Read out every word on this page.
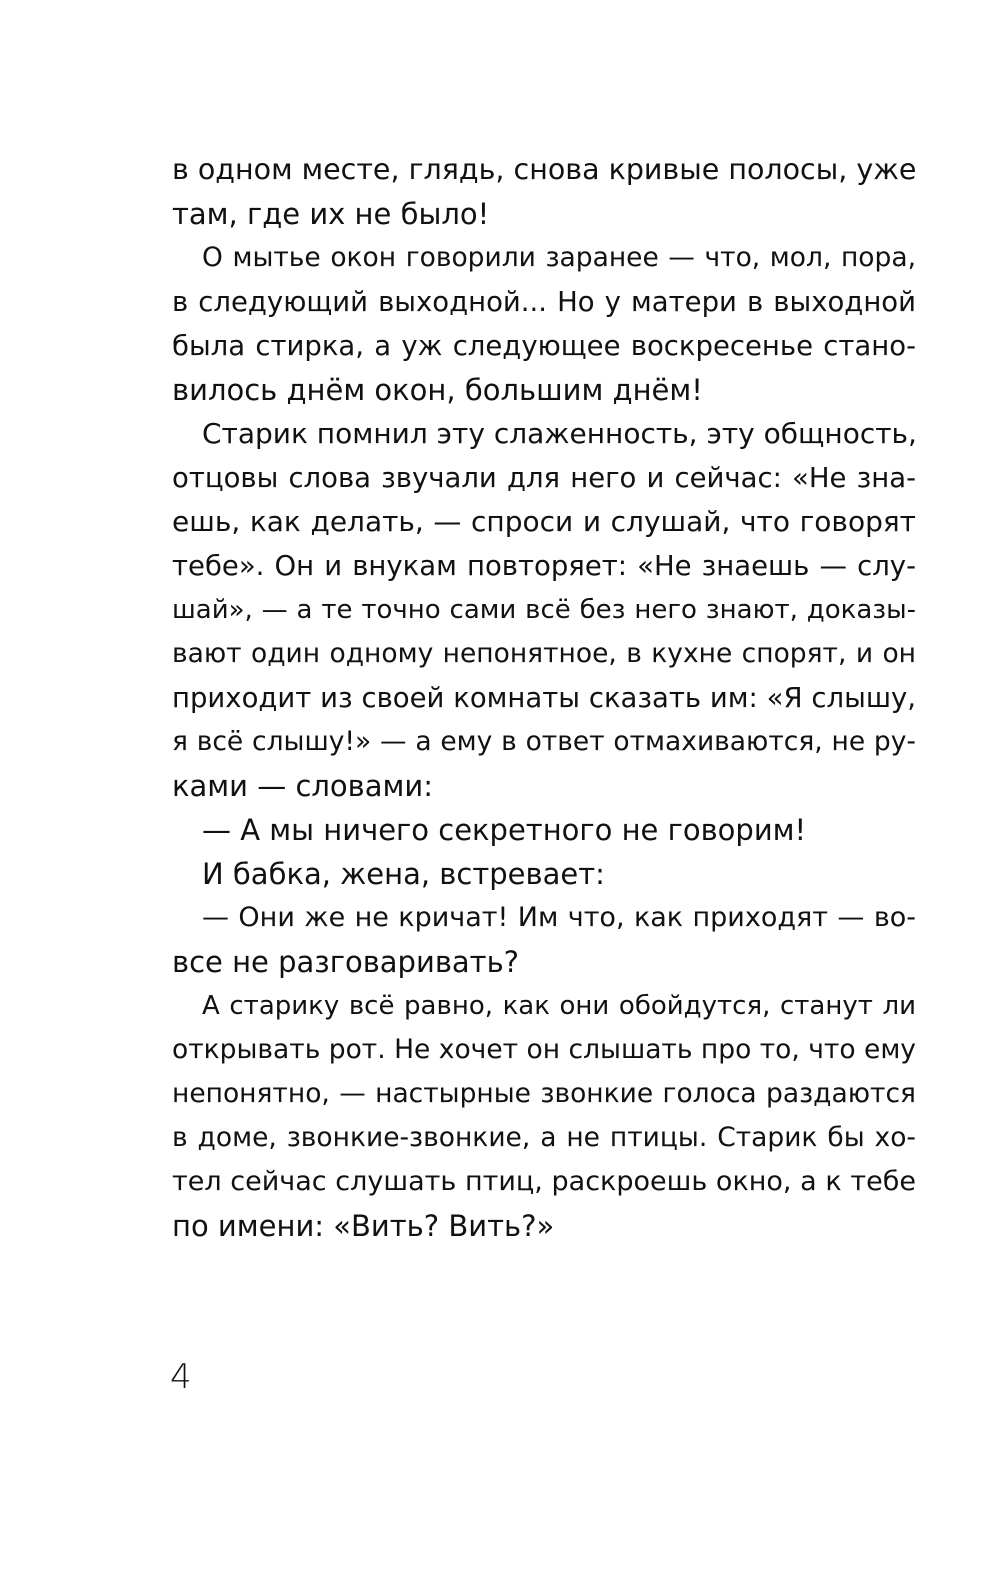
в одном месте, глядь, снова кривые полосы, уже
там, где их не было!
О мытье окон говорили заранее — что, мол, пора,
в следующий выходной... Но у матери в выходной
была стирка, а уж следующее воскресенье стано-
вилось днём окон, большим днём!
Старик помнил эту слаженность, эту общность,
отцовы слова звучали для него и сейчас: «Не зна-
ешь, как делать, — спроси и слушай, что говорят
тебе». Он и внукам повторяет: «Не знаешь — слу-
шай», — а те точно сами всё без него знают, доказы-
вают один одному непонятное, в кухне спорят, и он
приходит из своей комнаты сказать им: «Я слышу,
я всё слышу!» — а ему в ответ отмахиваются, не ру-
ками — словами:
— А мы ничего секретного не говорим!
И бабка, жена, встревает:
— Они же не кричат! Им что, как приходят — во-
все не разговаривать?
А старику всё равно, как они обойдутся, станут ли
открывать рот. Не хочет он слышать про то, что ему
непонятно, — настырные звонкие голоса раздаются
в доме, звонкие-звонкие, а не птицы. Старик бы хо-
тел сейчас слушать птиц, раскроешь окно, а к тебе
по имени: «Вить? Вить?»
4
